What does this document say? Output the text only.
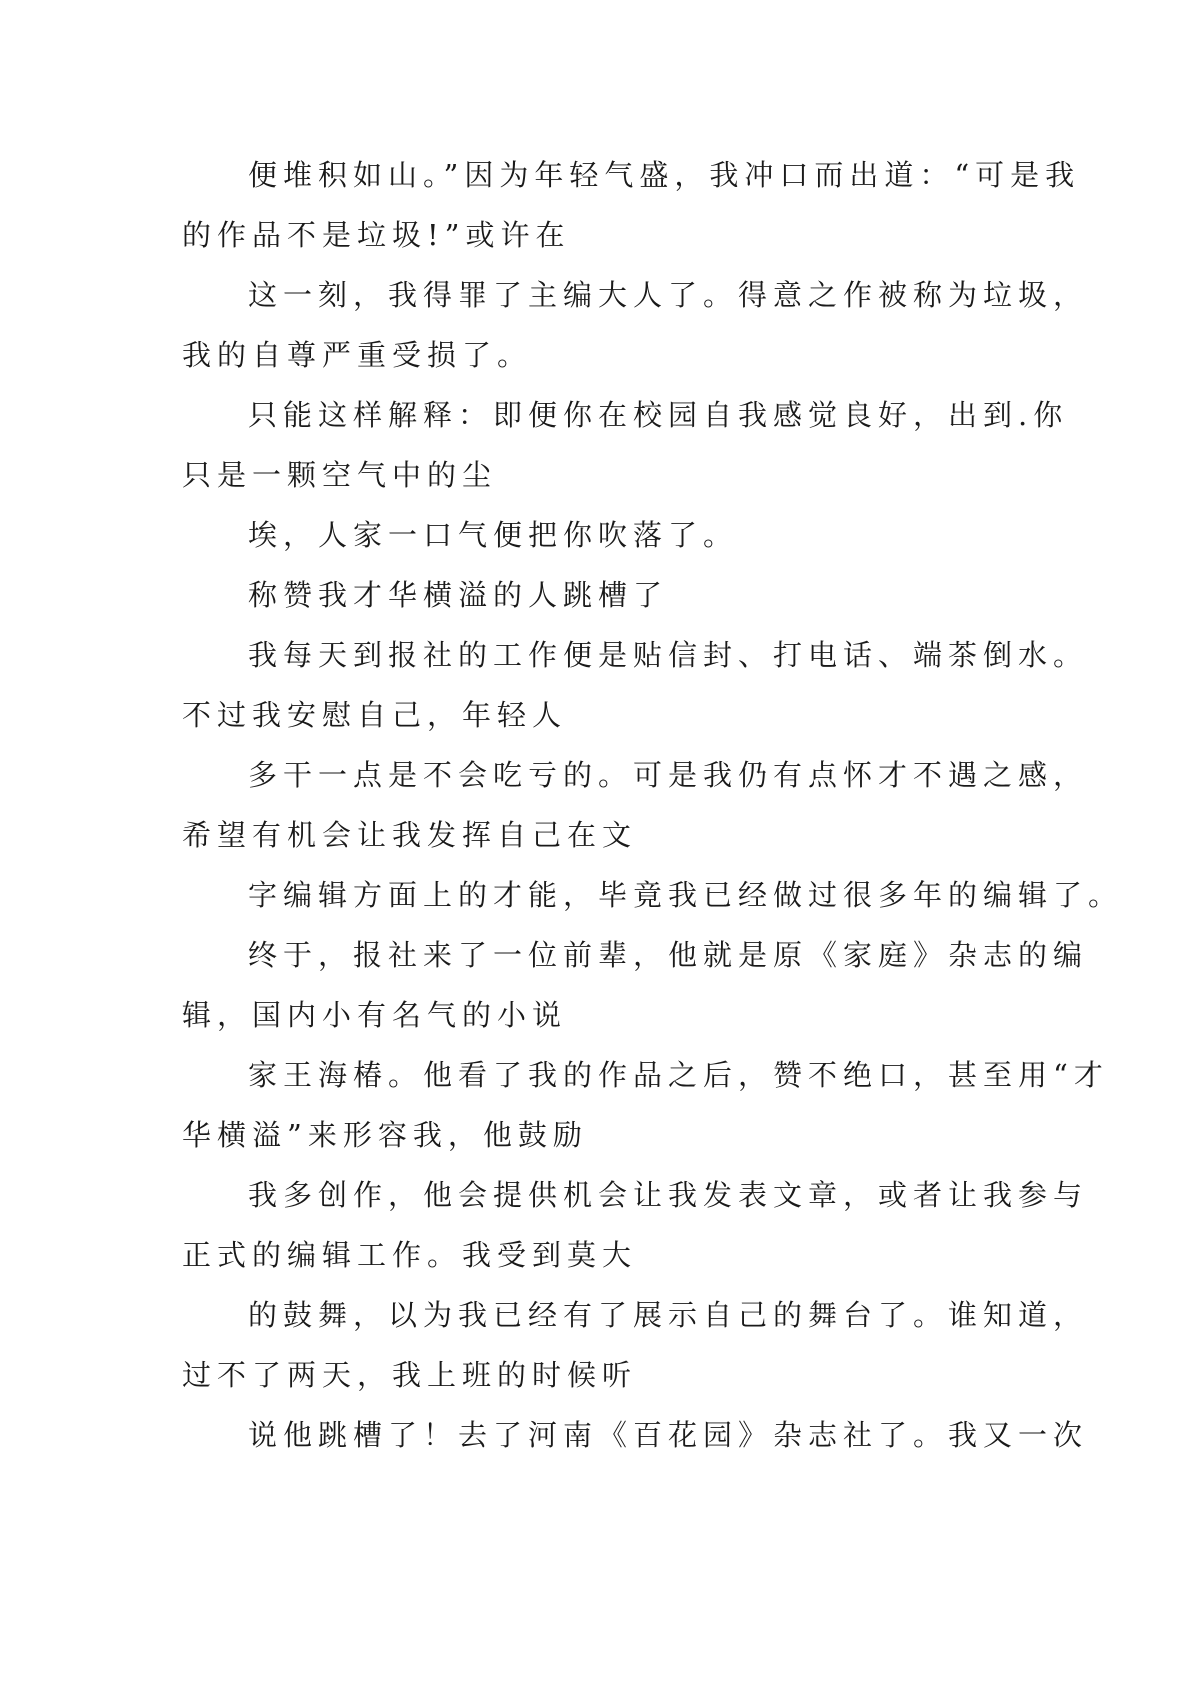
便堆积如山。”因为年轻气盛，我冲口而出道：“可是我
的作品不是垃圾!”或许在
这一刻，我得罪了主编大人了。得意之作被称为垃圾，
我的自尊严重受损了。
只能这样解释：即便你在校园自我感觉良好，出到.你
只是一颗空气中的尘
埃，人家一口气便把你吹落了。
称赞我才华横溢的人跳槽了
我每天到报社的工作便是贴信封、打电话、端茶倒水。
不过我安慰自己，年轻人
多干一点是不会吃亏的。可是我仍有点怀才不遇之感，
希望有机会让我发挥自己在文
字编辑方面上的才能，毕竟我已经做过很多年的编辑了。
终于，报社来了一位前辈，他就是原《家庭》杂志的编
辑，国内小有名气的小说
家王海椿。他看了我的作品之后，赞不绝口，甚至用“才
华横溢”来形容我，他鼓励
我多创作，他会提供机会让我发表文章，或者让我参与
正式的编辑工作。我受到莫大
的鼓舞，以为我已经有了展示自己的舞台了。谁知道，
过不了两天，我上班的时候听
说他跳槽了！去了河南《百花园》杂志社了。我又一次
